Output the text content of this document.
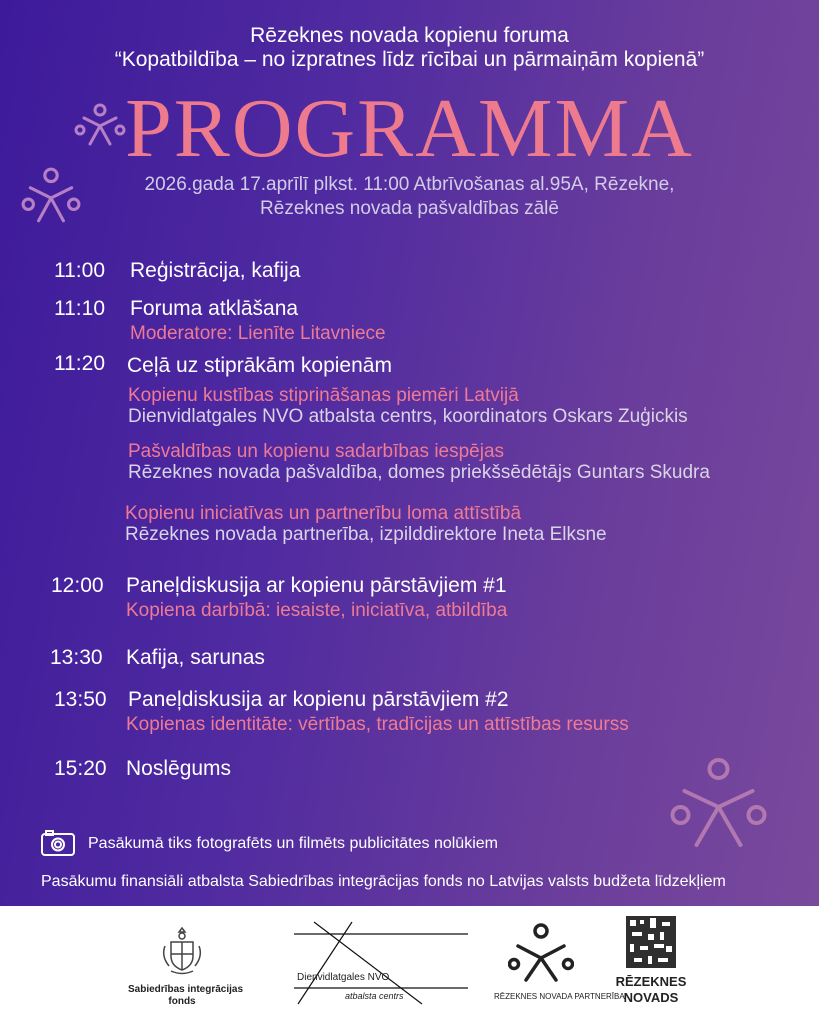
Rēzeknes novada kopienu foruma
“Kopatbildība – no izpratnes līdz rīcībai un pārmaiņām kopienā”
PROGRAMMA
2026.gada 17.aprīlī plkst. 11:00 Atbrīvošanas al.95A, Rēzekne,
Rēzeknes novada pašvaldības zālē
11:00 Reģistrācija, kafija
11:10 Foruma atklāšana
Moderatore: Lienīte Litavniece
11:20 Ceļā uz stiprākām kopienām
Kopienu kustības stiprināšanas piemēri Latvijā
Dienvidlatgales NVO atbalsta centrs, koordinators Oskars Zuģickis
Pašvaldības un kopienu sadarbības iespējas
Rēzeknes novada pašvaldība, domes priekšsēdētājs Guntars Skudra
Kopienu iniciatīvas un partnerību loma attīstībā
Rēzeknes novada partnerība, izpilddirektore Ineta Elksne
12:00 Paneļdiskusija ar kopienu pārstāvjiem #1
Kopiena darbībā: iesaiste, iniciatīva, atbildība
13:30 Kafija, sarunas
13:50 Paneļdiskusija ar kopienu pārstāvjiem #2
Kopienas identitāte: vērtības, tradīcijas un attīstības resurss
15:20 Noslēgums
Pasākumā tiks fotografēts un filmēts publicitātes nolūkiem
Pasākumu finansiāli atbalsta Sabiedrības integrācijas fonds no Latvijas valsts budžeta līdzekļiem
Sabiedrības integrācijas
fonds
Dienvidlatgales NVO
atbalsta centrs	RĒZEKNES NOVADA PARTNERĪBA
RĒZEKNES
NOVADS
